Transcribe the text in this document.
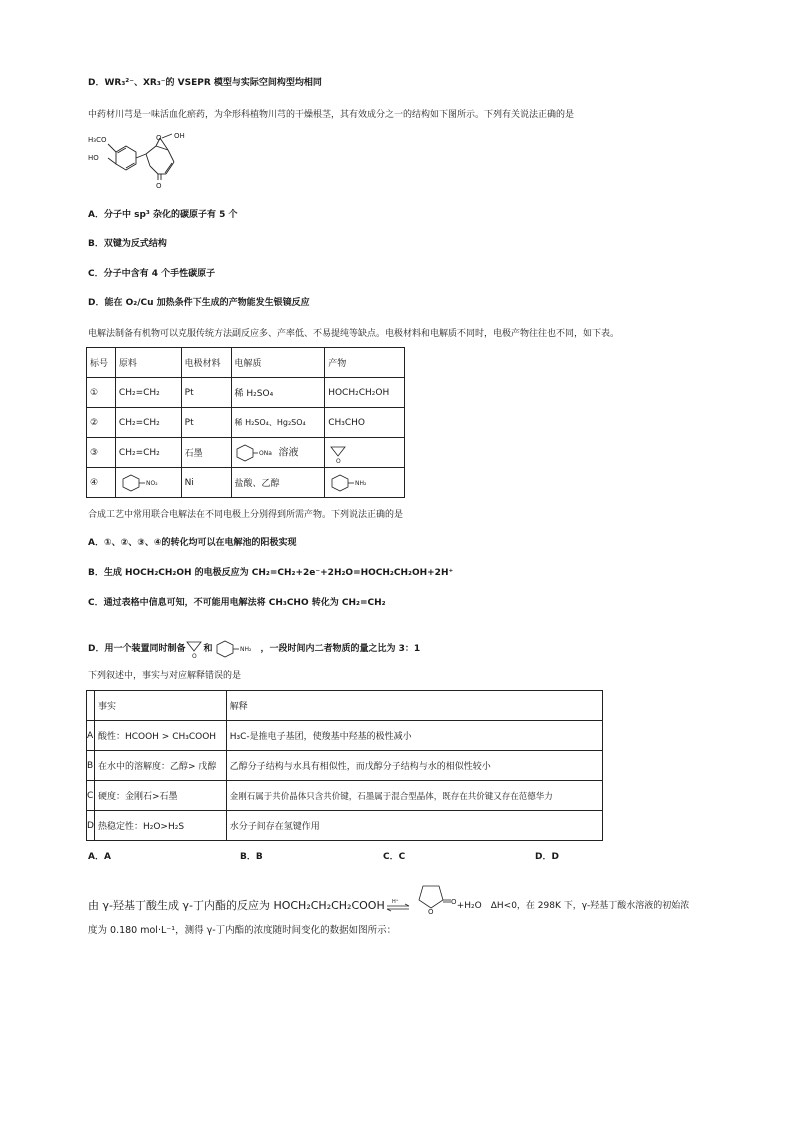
D．WR₃²⁻、XR₃⁻的 VSEPR 模型与实际空间构型均相同
中药材川芎是一味活血化瘀药，为伞形科植物川芎的干燥根茎，其有效成分之一的结构如下图所示。下列有关说法正确的是
H₃CO
HO
OH
O
O
A．分子中 sp³ 杂化的碳原子有 5 个
B．双键为反式结构
C．分子中含有 4 个手性碳原子
D．能在 O₂/Cu 加热条件下生成的产物能发生银镜反应
电解法制备有机物可以克服传统方法副反应多、产率低、不易提纯等缺点。电极材料和电解质不同时，电极产物往往也不同，如下表。
标号	原料	电极材料	电解质	产物
①	CH₂=CH₂	Pt	稀 H₂SO₄	HOCH₂CH₂OH
②	CH₂=CH₂	Pt	稀 H₂SO₄、Hg₂SO₄	CH₃CHO
③	CH₂=CH₂	石墨	ONa 溶液	O

④	NO₂	Ni	盐酸、乙醇	NH₂
合成工艺中常用联合电解法在不同电极上分别得到所需产物。下列说法正确的是
A．①、②、③、④的转化均可以在电解池的阳极实现
B．生成 HOCH₂CH₂OH 的电极反应为 CH₂=CH₂+2e⁻+2H₂O=HOCH₂CH₂OH+2H⁺
C．通过表格中信息可知，不可能用电解法将 CH₃CHO 转化为 CH₂=CH₂
D．用一个装置同时制备
O
和	NH₂ ，一段时间内二者物质的量之比为 3：1
下列叙述中，事实与对应解释错误的是
	事实	解释
A	酸性：HCOOH > CH₃COOH	H₃C-是推电子基团，使羧基中羟基的极性减小
B	在水中的溶解度：乙醇> 戊醇	乙醇分子结构与水具有相似性，而戊醇分子结构与水的相似性较小
C	硬度：金刚石>石墨	金刚石属于共价晶体只含共价键，石墨属于混合型晶体，既存在共价键又存在范德华力
D	热稳定性：H₂O>H₂S	水分子间存在氢键作用
A．A	B．B	C．C	D．D
由 γ-羟基丁酸生成 γ-丁内酯的反应为 HOCH₂CH₂CH₂COOH H⁺
O
O +H₂O　ΔH<0，在 298K 下，γ-羟基丁酸水溶液的初始浓
度为 0.180 mol·L⁻¹，测得 γ-丁内酯的浓度随时间变化的数据如图所示：
